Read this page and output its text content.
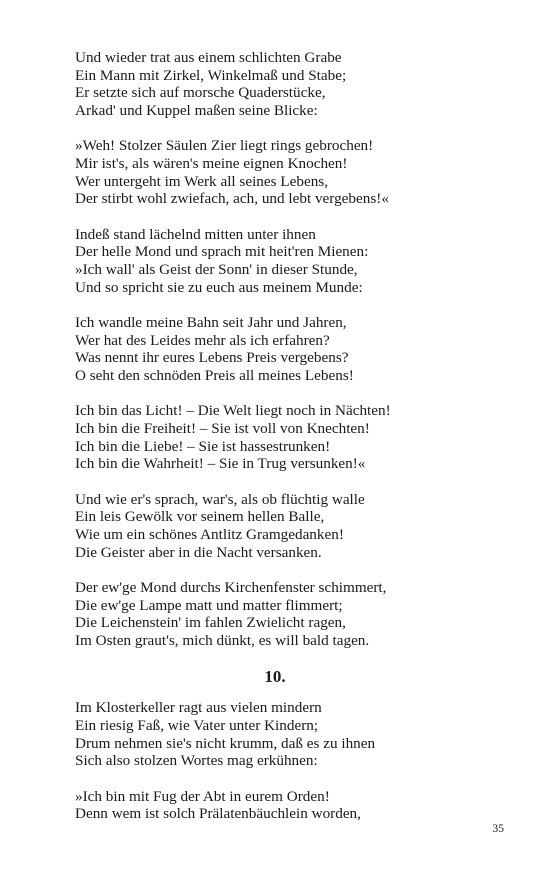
Und wieder trat aus einem schlichten Grabe
Ein Mann mit Zirkel, Winkelmaß und Stabe;
Er setzte sich auf morsche Quaderstücke,
Arkad' und Kuppel maßen seine Blicke:
»Weh! Stolzer Säulen Zier liegt rings gebrochen!
Mir ist's, als wären's meine eignen Knochen!
Wer untergeht im Werk all seines Lebens,
Der stirbt wohl zwiefach, ach, und lebt vergebens!«
Indeß stand lächelnd mitten unter ihnen
Der helle Mond und sprach mit heit'ren Mienen:
»Ich wall' als Geist der Sonn' in dieser Stunde,
Und so spricht sie zu euch aus meinem Munde:
Ich wandle meine Bahn seit Jahr und Jahren,
Wer hat des Leides mehr als ich erfahren?
Was nennt ihr eures Lebens Preis vergebens?
O seht den schnöden Preis all meines Lebens!
Ich bin das Licht! – Die Welt liegt noch in Nächten!
Ich bin die Freiheit! – Sie ist voll von Knechten!
Ich bin die Liebe! – Sie ist hassestrunken!
Ich bin die Wahrheit! – Sie in Trug versunken!«
Und wie er's sprach, war's, als ob flüchtig walle
Ein leis Gewölk vor seinem hellen Balle,
Wie um ein schönes Antlitz Gramgedanken!
Die Geister aber in die Nacht versanken.
Der ew'ge Mond durchs Kirchenfenster schimmert,
Die ew'ge Lampe matt und matter flimmert;
Die Leichenstein' im fahlen Zwielicht ragen,
Im Osten graut's, mich dünkt, es will bald tagen.
10.
Im Klosterkeller ragt aus vielen mindern
Ein riesig Faß, wie Vater unter Kindern;
Drum nehmen sie's nicht krumm, daß es zu ihnen
Sich also stolzen Wortes mag erkühnen:
»Ich bin mit Fug der Abt in eurem Orden!
Denn wem ist solch Prälatenbäuchlein worden,
35
